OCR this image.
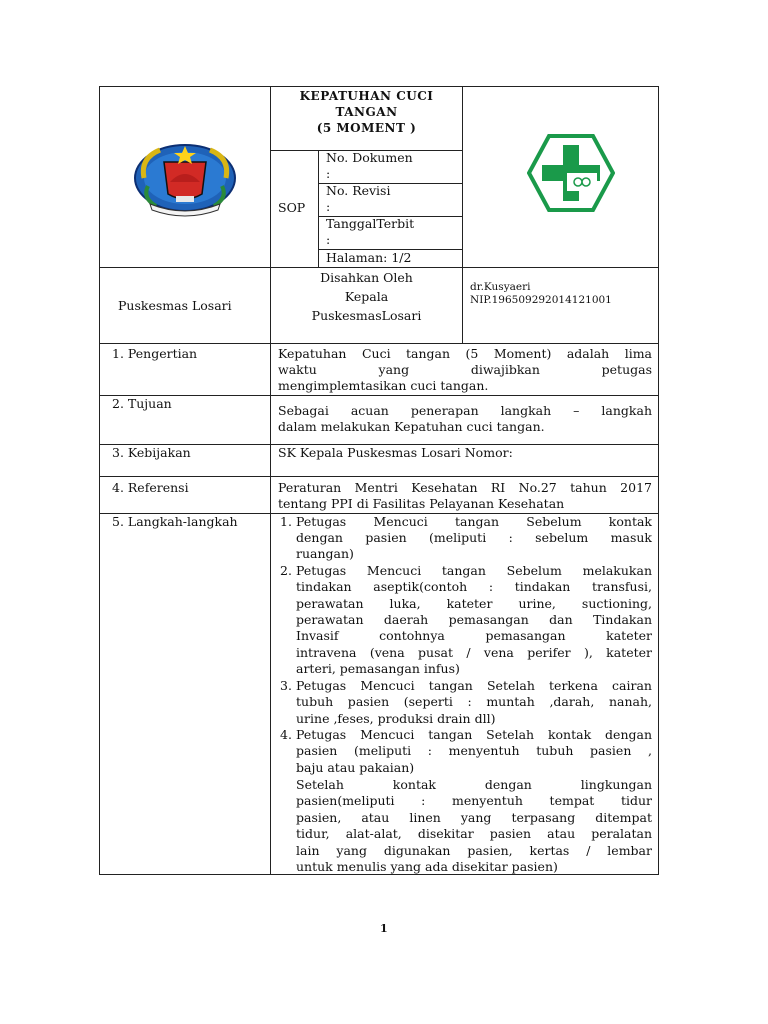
KEPATUHAN CUCI
TANGAN
(5 MOMENT )
SOP
No. Dokumen
:
No. Revisi
:
TanggalTerbit
:
Halaman: 1/2
Puskesmas Losari
Disahkan Oleh
Kepala
PuskesmasLosari
dr.Kusyaeri
NIP.196509292014121001
1. Pengertian
2. Tujuan
3. Kebijakan
4. Referensi
5. Langkah-langkah
Kepatuhan Cuci tangan (5 Moment) adalah lima
waktu yang diwajibkan petugas
mengimplemtasikan cuci tangan.
Sebagai acuan penerapan langkah – langkah
dalam melakukan Kepatuhan cuci tangan.
SK Kepala Puskesmas Losari Nomor:
Peraturan Mentri Kesehatan RI No.27 tahun 2017
tentang PPI di Fasilitas Pelayanan Kesehatan
1. Petugas Mencuci tangan Sebelum kontak
dengan pasien (meliputi : sebelum masuk
ruangan)
2. Petugas Mencuci tangan Sebelum melakukan
tindakan aseptik(contoh : tindakan transfusi,
perawatan luka, kateter urine, suctioning,
perawatan daerah pemasangan dan Tindakan
Invasif contohnya pemasangan kateter
intravena (vena pusat / vena perifer ), kateter
arteri, pemasangan infus)
3. Petugas Mencuci tangan Setelah terkena cairan
tubuh pasien (seperti : muntah ,darah, nanah,
urine ,feses, produksi drain dll)
4. Petugas Mencuci tangan Setelah kontak dengan
pasien (meliputi : menyentuh tubuh pasien ,
baju atau pakaian)
Setelah kontak dengan lingkungan
pasien(meliputi : menyentuh tempat tidur
pasien, atau linen yang terpasang ditempat
tidur, alat-alat, disekitar pasien atau peralatan
lain yang digunakan pasien, kertas / lembar
untuk menulis yang ada disekitar pasien)
1
